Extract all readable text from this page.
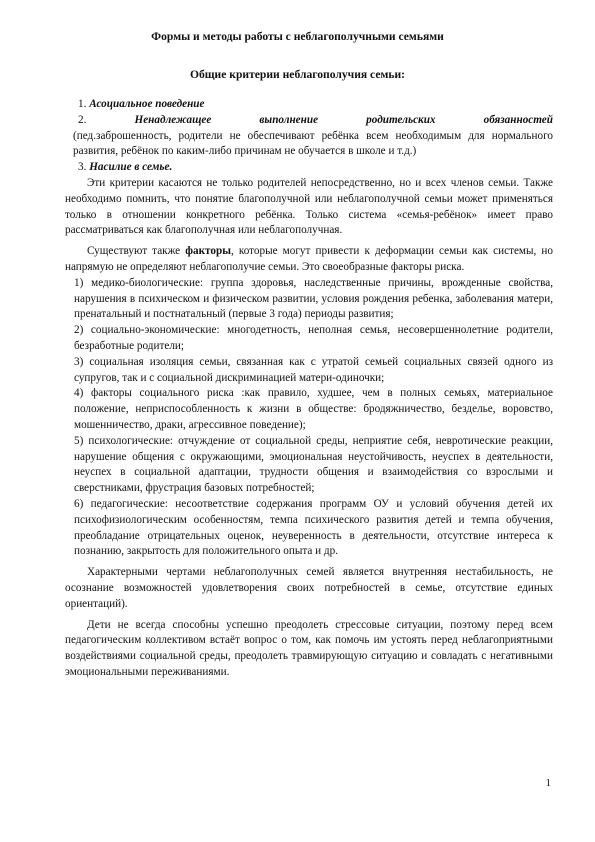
Формы и методы работы с неблагополучными семьями

Общие критерии неблагополучия семьи:

1. Асоциальное поведение

2.	Ненадлежащее выполнение родительских обязанностей

(пед.заброшенность, родители не обеспечивают ребёнка всем необходимым для нормального развития, ребёнок по каким-либо причинам не обучается в школе и т.д.)

3. Насилие в семье.

Эти критерии касаются не только родителей непосредственно, но и всех членов семьи. Также необходимо помнить, что понятие благополучной или неблагополучной семьи может применяться только в отношении конкретного ребёнка. Только система «семья-ребёнок» имеет право рассматриваться как благополучная или неблагополучная.

Существуют также факторы, которые могут привести к деформации семьи как системы, но напрямую не определяют неблагополучие семьи. Это своеобразные факторы риска.

1) медико-биологические: группа здоровья, наследственные причины, врожденные свойства, нарушения в психическом и физическом развитии, условия рождения ребенка, заболевания матери, пренатальный и постнатальный (первые 3 года) периоды развития;

2) социально-экономические: многодетность, неполная семья, несовершеннолетние родители, безработные родители;

3) социальная изоляция семьи, связанная как с утратой семьей социальных связей одного из супругов, так и с социальной дискриминацией матери-одиночки;

4) факторы социального риска :как правило, худшее, чем в полных семьях, материальное положение, неприспособленность к жизни в обществе: бродяжничество, безделье, воровство, мошенничество, драки, агрессивное поведение);

5) психологические: отчуждение от социальной среды, неприятие себя, невротические реакции, нарушение общения с окружающими, эмоциональная неустойчивость, неуспех в деятельности, неуспех в социальной адаптации, трудности общения и взаимодействия со взрослыми и сверстниками, фрустрация базовых потребностей;

6) педагогические: несоответствие содержания программ ОУ и условий обучения детей их психофизиологическим особенностям, темпа психического развития детей и темпа обучения, преобладание отрицательных оценок, неуверенность в деятельности, отсутствие интереса к познанию, закрытость для положительного опыта и др.

Характерными чертами неблагополучных семей является внутренняя нестабильность, не осознание возможностей удовлетворения своих потребностей в семье, отсутствие единых ориентаций).

Дети не всегда способны успешно преодолеть стрессовые ситуации, поэтому перед всем педагогическим коллективом встаёт вопрос о том, как помочь им устоять перед неблагоприятными воздействиями социальной среды, преодолеть травмирующую ситуацию и совладать с негативными эмоциональными переживаниями.

1
